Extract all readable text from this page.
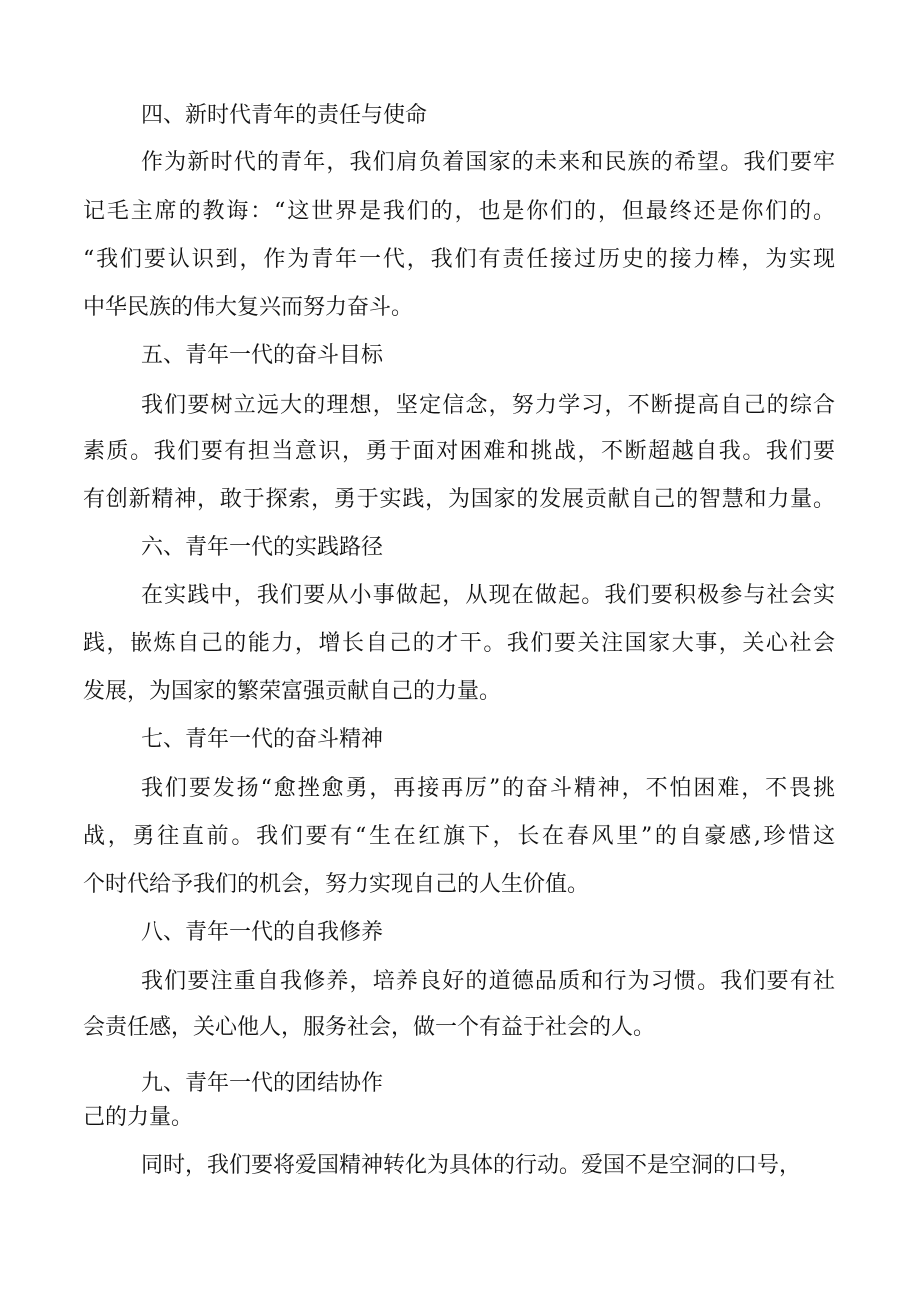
四、新时代青年的责任与使命

作为新时代的青年，我们肩负着国家的未来和民族的希望。我们要牢

记毛主席的教诲：“这世界是我们的，也是你们的，但最终还是你们的。

“我们要认识到，作为青年一代，我们有责任接过历史的接力棒，为实现

中华民族的伟大复兴而努力奋斗。

五、青年一代的奋斗目标

我们要树立远大的理想，坚定信念，努力学习，不断提高自己的综合

素质。我们要有担当意识，勇于面对困难和挑战，不断超越自我。我们要

有创新精神，敢于探索，勇于实践，为国家的发展贡献自己的智慧和力量。

六、青年一代的实践路径

在实践中，我们要从小事做起，从现在做起。我们要积极参与社会实

践，嵌炼自己的能力，增长自己的才干。我们要关注国家大事，关心社会

发展，为国家的繁荣富强贡献自己的力量。

七、青年一代的奋斗精神

我们要发扬“愈挫愈勇，再接再厉”的奋斗精神，不怕困难，不畏挑

战，勇往直前。我们要有“生在红旗下，长在春风里”的自豪感,珍惜这

个时代给予我们的机会，努力实现自己的人生价值。

八、青年一代的自我修养

我们要注重自我修养，培养良好的道德品质和行为习惯。我们要有社

会责任感，关心他人，服务社会，做一个有益于社会的人。

九、青年一代的团结协作

己的力量。

同时，我们要将爱国精神转化为具体的行动。爱国不是空洞的口号，
